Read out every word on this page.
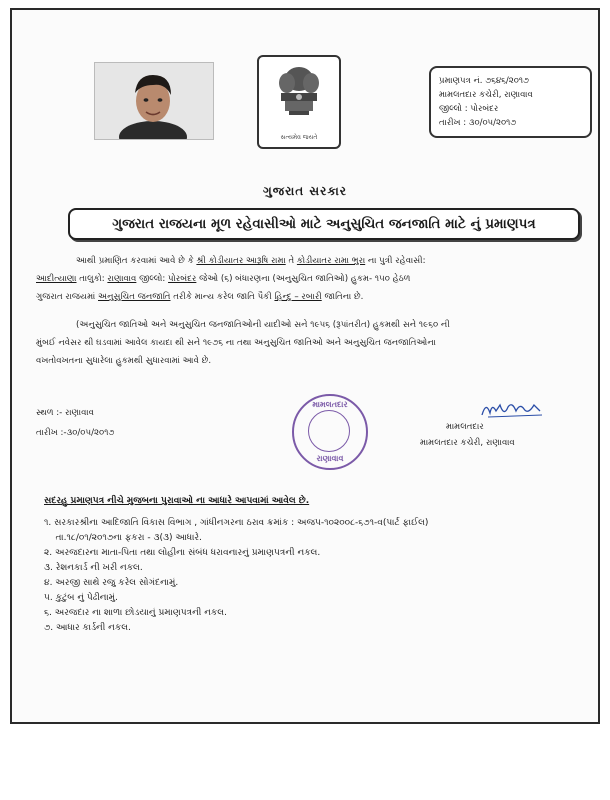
સત્યમેવ જયતે
પ્રમાણપત્ર નં. ૭૬૪૬/૨૦૧૭
મામલતદાર કચેરી, રાણાવાવ
જીલ્લો : પોરબંદર
તારીખ : ૩૦/૦૫/૨૦૧૭
ગુજરાત સરકાર
ગુજરાત રાજયના મૂળ રહેવાસીઓ માટે અનુસુચિત જનજાતિ માટે નું પ્રમાણપત્ર
આથી પ્રમાણિત કરવામાં આવે છે કે શ્રી કોડીયાતર આરૂષિ રામા તે કોડીયાતર રામા ભુરા ના પુત્રી રહેવાસી:
આદીત્યાણા તાલુકો: રાણાવાવ જીલ્લો: પોરબંદર જેઓ (૬) બંધારણના (અનુસુચિત જાતિઓ) હુકમ- ૧૫૦ હેઠળ
ગુજરાત રાજયમાં અનુસુચિત જનજાતિ તરીકે માન્ય કરેલ જાતિ પૈકી હિન્દુ – રબારી જાતિના છે.
(અનુસુચિત જાતિઓ અને અનુસુચિત જનજાતિઓની યાદીઓ સને ૧૯૫૬ (રૂપાંતરીત) હુકમથી સને ૧૯૬૦ ની
મુંબઈ નવેસર થી ઘડવામાં આવેલ કાયદા થી સને ૧૯૭૬ ના તથા અનુસુચિત જાતિઓ અને અનુસુચિત જનજાતિઓના
વખતોવખતના સુધારેલા હુકમથી સુધારવામાં આવે છે.
સ્થળ :- રાણાવાવ
તારીખ :-૩૦/૦૫/૨૦૧૭
મામલતદાર
રાણાવાવ
મામલતદાર
મામલતદાર કચેરી, રાણાવાવ
સદરહુ પ્રમાણપત્ર નીચે મુજબના પુરાવાઓ ના આધારે આપવામાં આવેલ છે.
૧. સરકારશ્રીના આદિજાતિ વિકાસ વિભાગ , ગાંધીનગરના ઠરાવ ક્રમાંક : અજપ-૧૦૨૦૦૮-૬૭૧-વ(પાર્ટ ફાઈલ)
તા.૧૮/૦૧/૨૦૧૭ના ફકરા - ૩(૩) આધારે.
૨. અરજદારના માતા-પિતા તથા લોહીના સંબંધ ધરાવનારનું પ્રમાણપત્રની નકલ.
૩. રેશનકાર્ડ ની ખરી નકલ.
૪. અરજી સાથે રજુ કરેલ સોગંદનામું.
૫. કુટુંબ નું પેઢીનામું.
૬. અરજદાર ના શાળા છોડયાનું પ્રમાણપત્રની નકલ.
૭. આધાર કાર્ડની નકલ.
